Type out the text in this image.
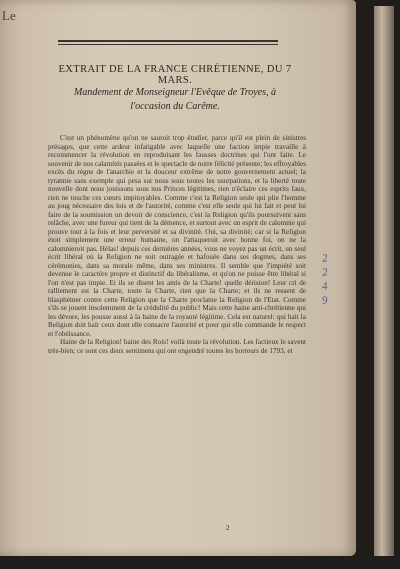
Le
EXTRAIT DE LA FRANCE CHRÉTIENNE, DU 7 MARS.
Mandement de Monseigneur l'Evêque de Troyes, à
l'occasion du Carême.

C'est un phénomène qu'on ne sauroit trop étudier, parce qu'il est plein de sinistres présages, que cette ardeur infatigable avec laquelle une faction impie travaille à recommencer la révolution en reproduisant les fausses doctrines qui l'ont faite. Le souvenir de nos calamités passées et le spectacle de notre félicité présente; les effroyables excès du règne de l'anarchie et la douceur extrême de notre gouvernement actuel; la tyrannie sans exemple qui pesa sur nous sous toutes les usurpations, et la liberté toute nouvelle dont nous jouissons sous nos Princes légitimes, rien n'éclaire ces esprits faux, rien ne touche ces cœurs impitoyables. Comme c'est la Religion seule qui plie l'homme au joug nécessaire des lois et de l'autorité, comme c'est elle seule qui lui fait et peut lui faire de la soumission un devoir de conscience, c'est la Religion qu'ils poursuivent sans relâche, avec une fureur qui tient de la démence, et surtout avec un esprit de calomnie qui prouve tout à la fois et leur perversité et sa divinité. Oui, sa divinité; car si la Religion étoit simplement une erreur humaine, on l'attaqueroit avec bonne foi, on ne la calomnieroit pas. Hélas! depuis ces dernières années, vous ne voyez pas un écrit, un seul écrit libéral où la Religion ne soit outragée et bafouée dans ses dogmes, dans ses cérémonies, dans sa morale même, dans ses ministres. Il semble que l'impiété soit devenue le caractère propre et distinctif du libéralisme, et qu'on ne puisse être libéral si l'on n'est pas impie. Et ils se disent les amis de la Charte! quelle dérision! Leur cri de ralliement est la Charte, toute la Charte, rien que la Charte; et ils ne ressent de blasphémer contre cette Religion que la Charte proclame la Religion de l'Etat. Comme s'ils se jouent insolemment de la crédulité du public! Mais cette haine anti-chrétienne qui les dévore, les pousse aussi à la haine de la royauté légitime. Cela est naturel: qui hait la Religion doit haïr ceux dont elle consacre l'autorité et pour qui elle commande le respect et l'obéissance.

Haine de la Religion! haine des Rois! voilà toute la révolution. Les factieux le savent très-bien; ce sont ces deux sentimens qui ont engendré toutes les horreurs de 1793, et

2
2
2
4
9
